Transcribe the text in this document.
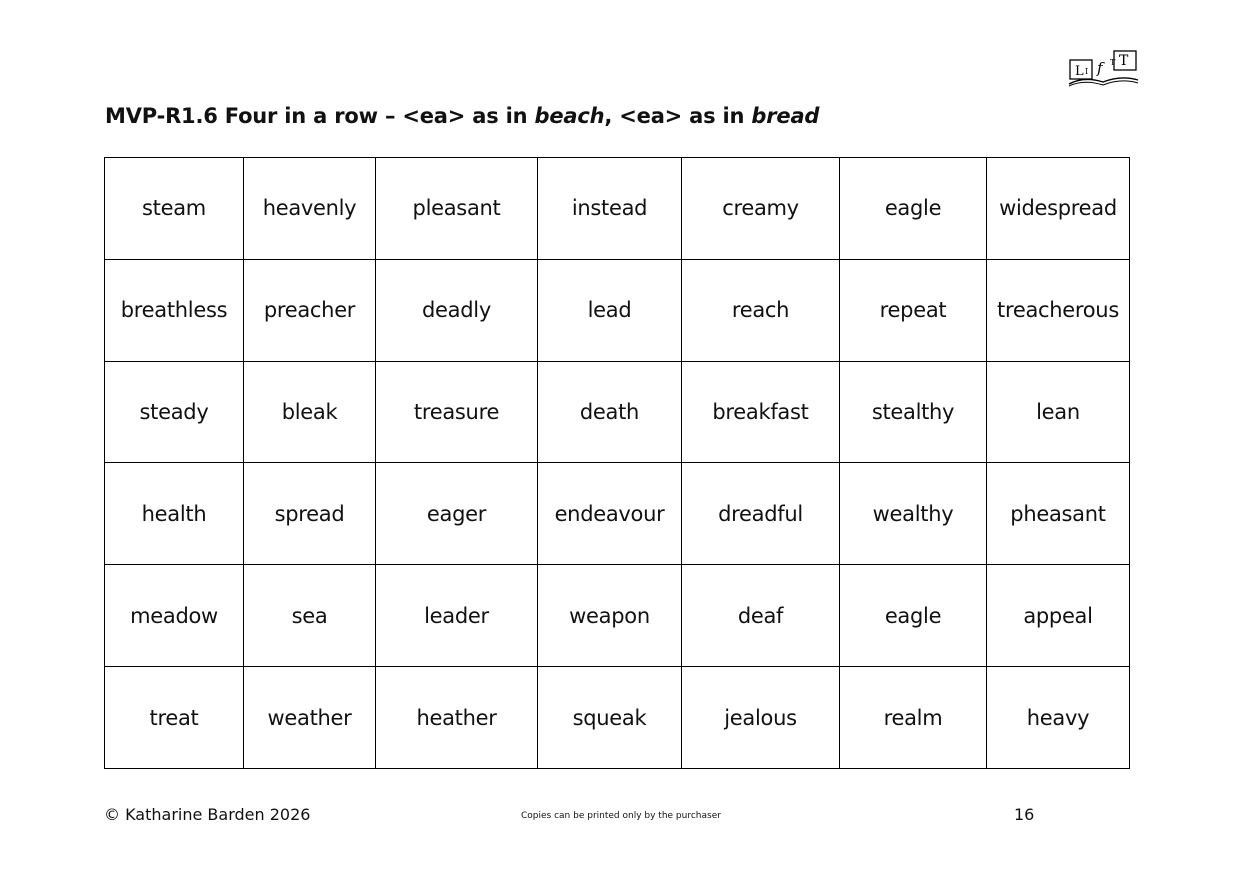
L I f T T
MVP-R1.6 Four in a row – <ea> as in beach, <ea> as in bread
steam	heavenly	pleasant	instead	creamy	eagle	widespread
breathless	preacher	deadly	lead	reach	repeat	treacherous
steady	bleak	treasure	death	breakfast	stealthy	lean
health	spread	eager	endeavour	dreadful	wealthy	pheasant
meadow	sea	leader	weapon	deaf	eagle	appeal
treat	weather	heather	squeak	jealous	realm	heavy
© Katharine Barden 2026	Copies can be printed only by the purchaser	16
